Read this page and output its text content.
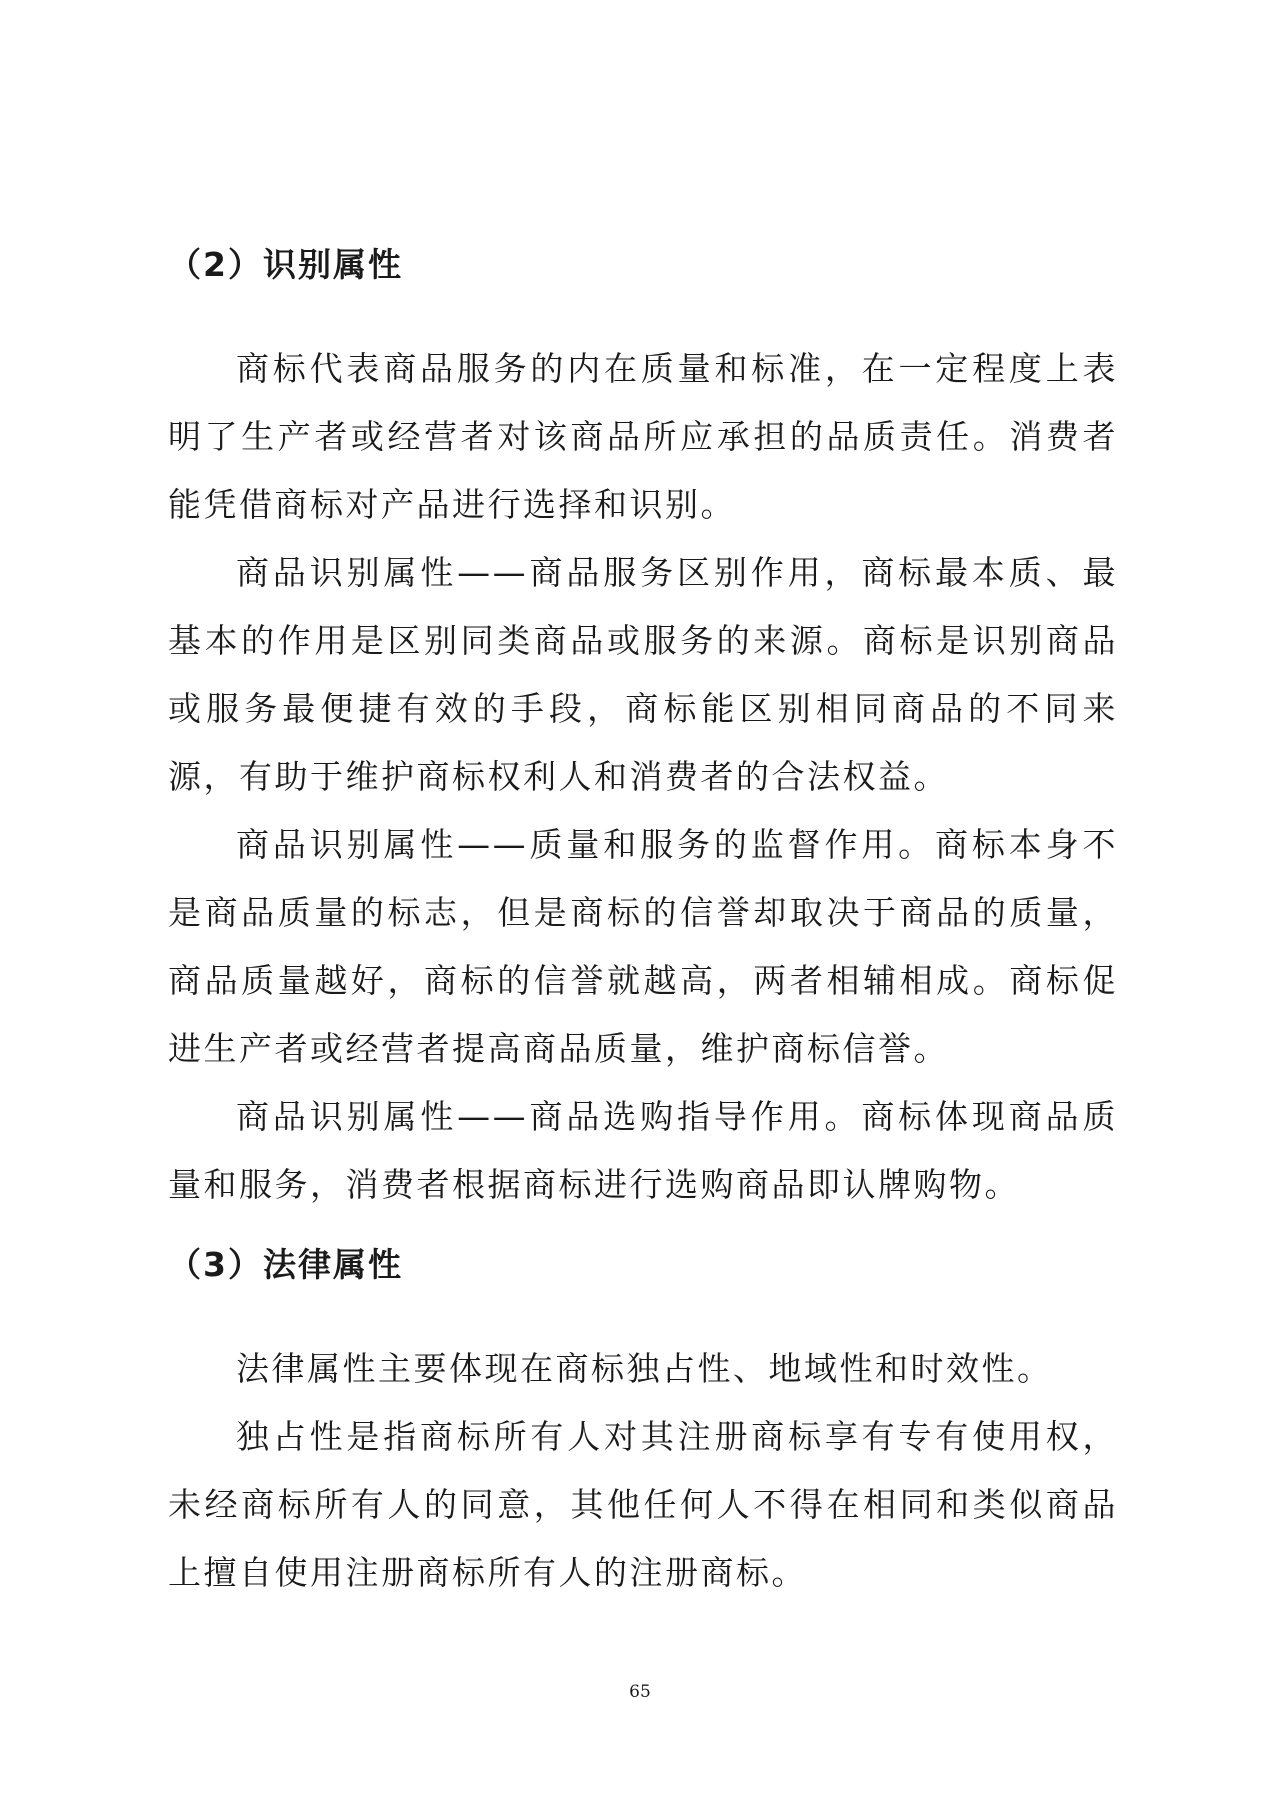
（2）识别属性

商标代表商品服务的内在质量和标准，在一定程度上表明了生产者或经营者对该商品所应承担的品质责任。消费者能凭借商标对产品进行选择和识别。

商品识别属性——商品服务区别作用，商标最本质、最基本的作用是区别同类商品或服务的来源。商标是识别商品或服务最便捷有效的手段，商标能区别相同商品的不同来源，有助于维护商标权利人和消费者的合法权益。

商品识别属性——质量和服务的监督作用。商标本身不是商品质量的标志，但是商标的信誉却取决于商品的质量，商品质量越好，商标的信誉就越高，两者相辅相成。商标促进生产者或经营者提高商品质量，维护商标信誉。

商品识别属性——商品选购指导作用。商标体现商品质量和服务，消费者根据商标进行选购商品即认牌购物。

（3）法律属性

法律属性主要体现在商标独占性、地域性和时效性。

独占性是指商标所有人对其注册商标享有专有使用权，未经商标所有人的同意，其他任何人不得在相同和类似商品上擅自使用注册商标所有人的注册商标。

65
